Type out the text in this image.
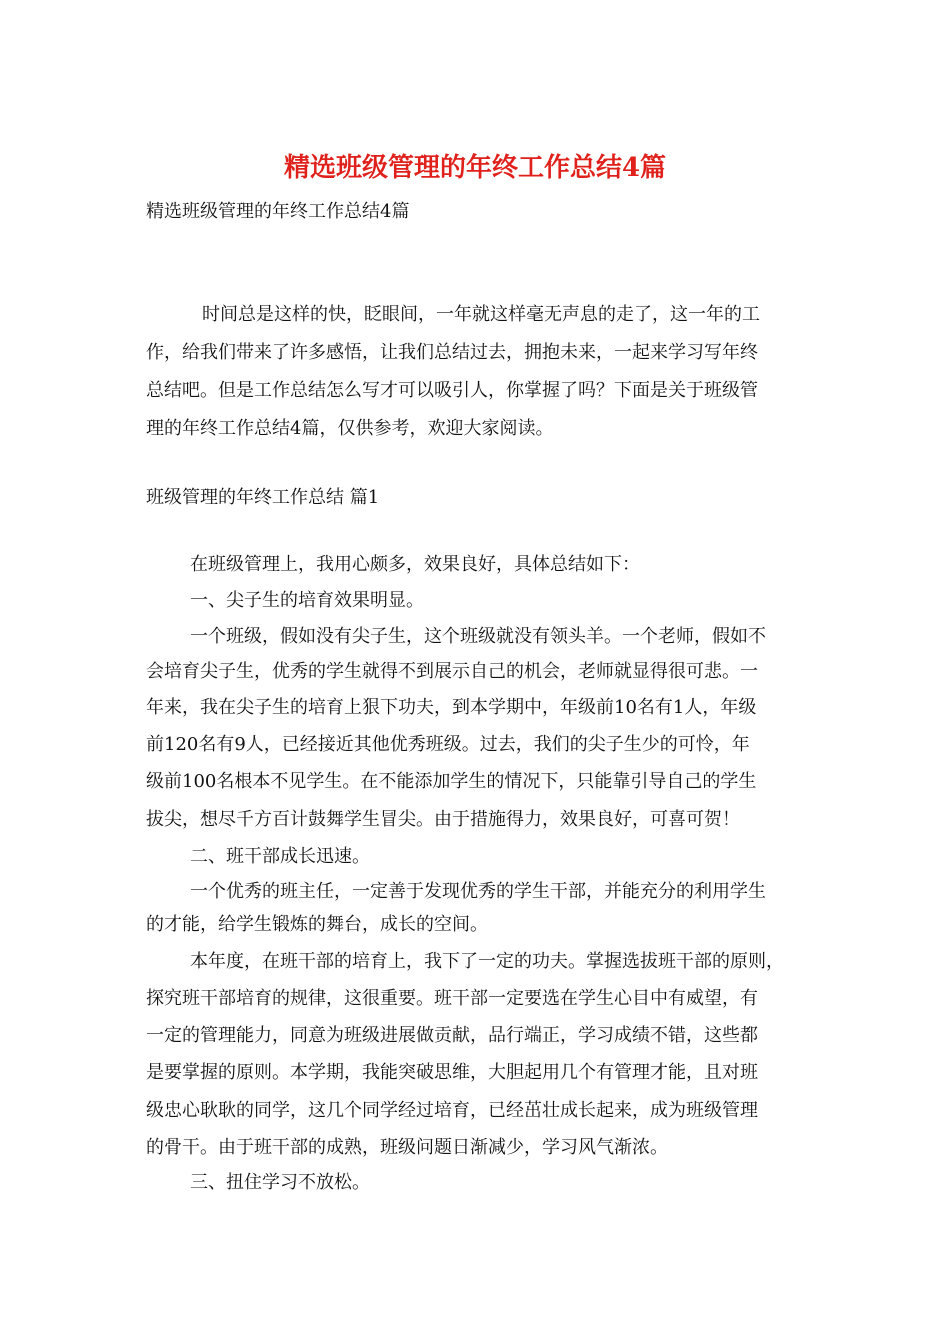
精选班级管理的年终工作总结4篇
精选班级管理的年终工作总结4篇
时间总是这样的快，眨眼间，一年就这样毫无声息的走了，这一年的工
作，给我们带来了许多感悟，让我们总结过去，拥抱未来，一起来学习写年终
总结吧。但是工作总结怎么写才可以吸引人，你掌握了吗？下面是关于班级管
理的年终工作总结4篇，仅供参考，欢迎大家阅读。
班级管理的年终工作总结 篇1
在班级管理上，我用心颇多，效果良好，具体总结如下：
一、尖子生的培育效果明显。
一个班级，假如没有尖子生，这个班级就没有领头羊。一个老师，假如不
会培育尖子生，优秀的学生就得不到展示自己的机会，老师就显得很可悲。一
年来，我在尖子生的培育上狠下功夫，到本学期中，年级前10名有1人，年级
前120名有9人，已经接近其他优秀班级。过去，我们的尖子生少的可怜，年
级前100名根本不见学生。在不能添加学生的情况下，只能靠引导自己的学生
拔尖，想尽千方百计鼓舞学生冒尖。由于措施得力，效果良好，可喜可贺！
二、班干部成长迅速。
一个优秀的班主任，一定善于发现优秀的学生干部，并能充分的利用学生
的才能，给学生锻炼的舞台，成长的空间。
本年度，在班干部的培育上，我下了一定的功夫。掌握选拔班干部的原则，
探究班干部培育的规律，这很重要。班干部一定要选在学生心目中有威望，有
一定的管理能力，同意为班级进展做贡献，品行端正，学习成绩不错，这些都
是要掌握的原则。本学期，我能突破思维，大胆起用几个有管理才能，且对班
级忠心耿耿的同学，这几个同学经过培育，已经茁壮成长起来，成为班级管理
的骨干。由于班干部的成熟，班级问题日渐减少，学习风气渐浓。
三、扭住学习不放松。
